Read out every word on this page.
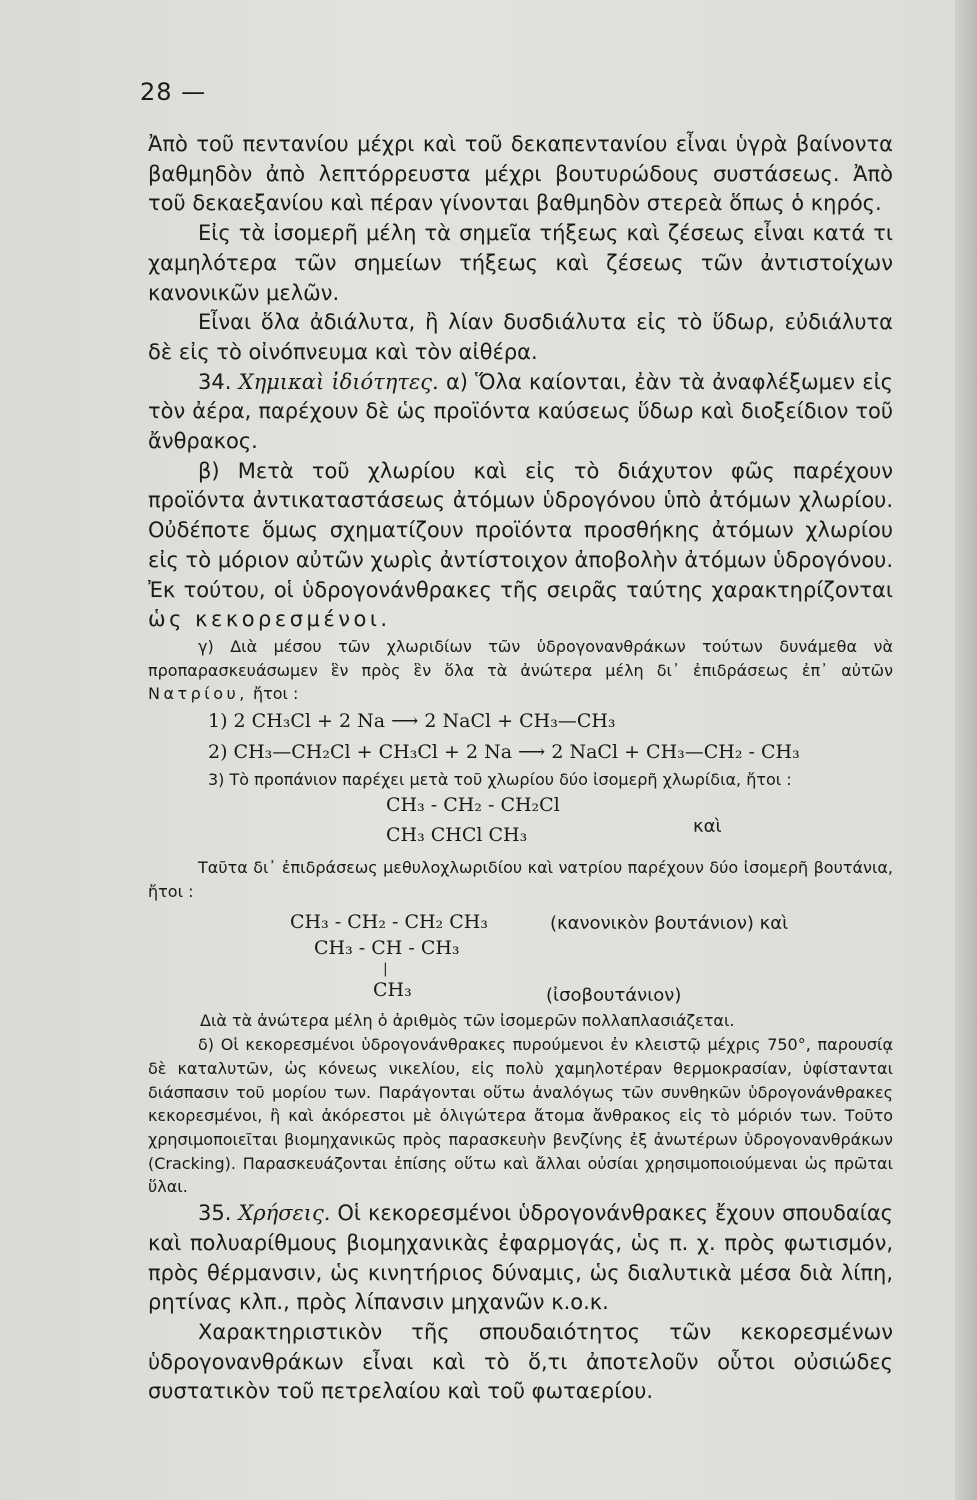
28 —

Ἀπὸ τοῦ πεντανίου μέχρι καὶ τοῦ δεκαπεντανίου εἶναι ὑγρὰ βαίνοντα βαθμηδὸν ἀπὸ λεπτόρρευστα μέχρι βουτυρώδους συστάσεως. Ἀπὸ τοῦ δεκαεξανίου καὶ πέραν γίνονται βαθμηδὸν στερεὰ ὅπως ὁ κηρός.

Εἰς τὰ ἰσομερῆ μέλη τὰ σημεῖα τήξεως καὶ ζέσεως εἶναι κατά τι χαμηλότερα τῶν σημείων τήξεως καὶ ζέσεως τῶν ἀντιστοίχων κανονικῶν μελῶν.

Εἶναι ὅλα ἀδιάλυτα, ἢ λίαν δυσδιάλυτα εἰς τὸ ὕδωρ, εὐδιάλυτα δὲ εἰς τὸ οἰνόπνευμα καὶ τὸν αἰθέρα.

34. Χημικαὶ ἰδιότητες. α) Ὅλα καίονται, ἐὰν τὰ ἀναφλέξωμεν εἰς τὸν ἀέρα, παρέχουν δὲ ὡς προϊόντα καύσεως ὕδωρ καὶ διοξείδιον τοῦ ἄνθρακος.

β) Μετὰ τοῦ χλωρίου καὶ εἰς τὸ διάχυτον φῶς παρέχουν προϊόντα ἀντικαταστάσεως ἀτόμων ὑδρογόνου ὑπὸ ἀτόμων χλωρίου. Οὐδέποτε ὅμως σχηματίζουν προϊόντα προσθήκης ἀτόμων χλωρίου εἰς τὸ μόριον αὐτῶν χωρὶς ἀντίστοιχον ἀποβολὴν ἀτόμων ὑδρογόνου. Ἐκ τούτου, οἱ ὑδρογονάνθρακες τῆς σειρᾶς ταύτης χαρακτηρίζονται ὡς κεκορεσμένοι.

γ) Διὰ μέσου τῶν χλωριδίων τῶν ὑδρογονανθράκων τούτων δυνάμεθα νὰ προπαρασκευάσωμεν ἓν πρὸς ἓν ὅλα τὰ ἀνώτερα μέλη δι᾽ ἐπιδράσεως ἐπ᾽ αὐτῶν Νατρίου, ἤτοι :

1) 2 CH₃Cl + 2 Na ⟶ 2 NaCl + CH₃—CH₃
2) CH₃—CH₂Cl + CH₃Cl + 2 Na ⟶ 2 NaCl + CH₃—CH₂ - CH₃
3) Τὸ προπάνιον παρέχει μετὰ τοῦ χλωρίου δύο ἰσομερῆ χλωρίδια, ἤτοι :
CH₃ - CH₂ - CH₂Cl
CH₃ CHCl CH₃	καὶ

Ταῦτα δι᾽ ἐπιδράσεως μεθυλοχλωριδίου καὶ νατρίου παρέχουν δύο ἰσομερῆ βουτάνια, ἤτοι :

CH₃ - CH₂ - CH₂ CH₃	(κανονικὸν βουτάνιον) καὶ
CH₃ - CH - CH₃
|
CH₃	(ἰσοβουτάνιον)

Διὰ τὰ ἀνώτερα μέλη ὁ ἀριθμὸς τῶν ἰσομερῶν πολλαπλασιάζεται.

δ) Οἱ κεκορεσμένοι ὑδρογονάνθρακες πυρούμενοι ἐν κλειστῷ μέχρις 750°, παρουσίᾳ δὲ καταλυτῶν, ὡς κόνεως νικελίου, εἰς πολὺ χαμηλοτέραν θερμοκρασίαν, ὑφίστανται διάσπασιν τοῦ μορίου των. Παράγονται οὕτω ἀναλόγως τῶν συνθηκῶν ὑδρογονάνθρακες κεκορεσμένοι, ἢ καὶ ἀκόρεστοι μὲ ὀλιγώτερα ἄτομα ἄνθρακος εἰς τὸ μόριόν των. Τοῦτο χρησιμοποιεῖται βιομηχανικῶς πρὸς παρασκευὴν βενζίνης ἐξ ἀνωτέρων ὑδρογονανθράκων (Cracking). Παρασκευάζονται ἐπίσης οὕτω καὶ ἄλλαι οὐσίαι χρησιμοποιούμεναι ὡς πρῶται ὕλαι.

35. Χρήσεις. Οἱ κεκορεσμένοι ὑδρογονάνθρακες ἔχουν σπουδαίας καὶ πολυαρίθμους βιομηχανικὰς ἐφαρμογάς, ὡς π. χ. πρὸς φωτισμόν, πρὸς θέρμανσιν, ὡς κινητήριος δύναμις, ὡς διαλυτικὰ μέσα διὰ λίπη, ρητίνας κλπ., πρὸς λίπανσιν μηχανῶν κ.ο.κ.

Χαρακτηριστικὸν τῆς σπουδαιότητος τῶν κεκορεσμένων ὑδρογονανθράκων εἶναι καὶ τὸ ὅ,τι ἀποτελοῦν οὗτοι οὐσιώδες συστατικὸν τοῦ πετρελαίου καὶ τοῦ φωταερίου.
